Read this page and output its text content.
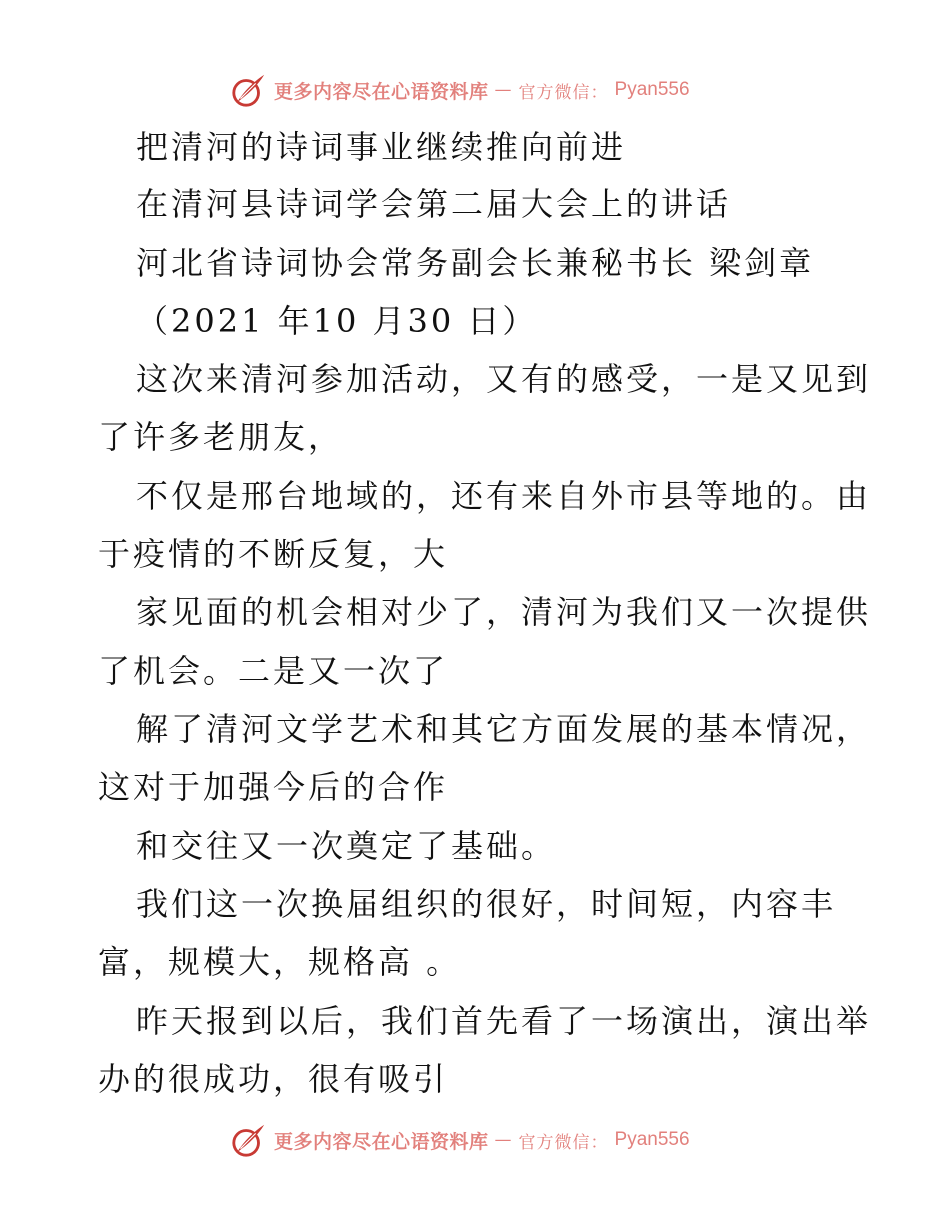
更多内容尽在心语资料库 — 官方微信： Pyan556
把清河的诗词事业继续推向前进
在清河县诗词学会第二届大会上的讲话
河北省诗词协会常务副会长兼秘书长 梁剑章
（2021 年10 月30 日）
这次来清河参加活动，又有的感受，一是又见到
了许多老朋友，
不仅是邢台地域的，还有来自外市县等地的。由
于疫情的不断反复，大
家见面的机会相对少了，清河为我们又一次提供
了机会。二是又一次了
解了清河文学艺术和其它方面发展的基本情况，
这对于加强今后的合作
和交往又一次奠定了基础。
我们这一次换届组织的很好，时间短，内容丰
富，规模大，规格高 。
昨天报到以后，我们首先看了一场演出，演出举
办的很成功，很有吸引
更多内容尽在心语资料库 — 官方微信： Pyan556
